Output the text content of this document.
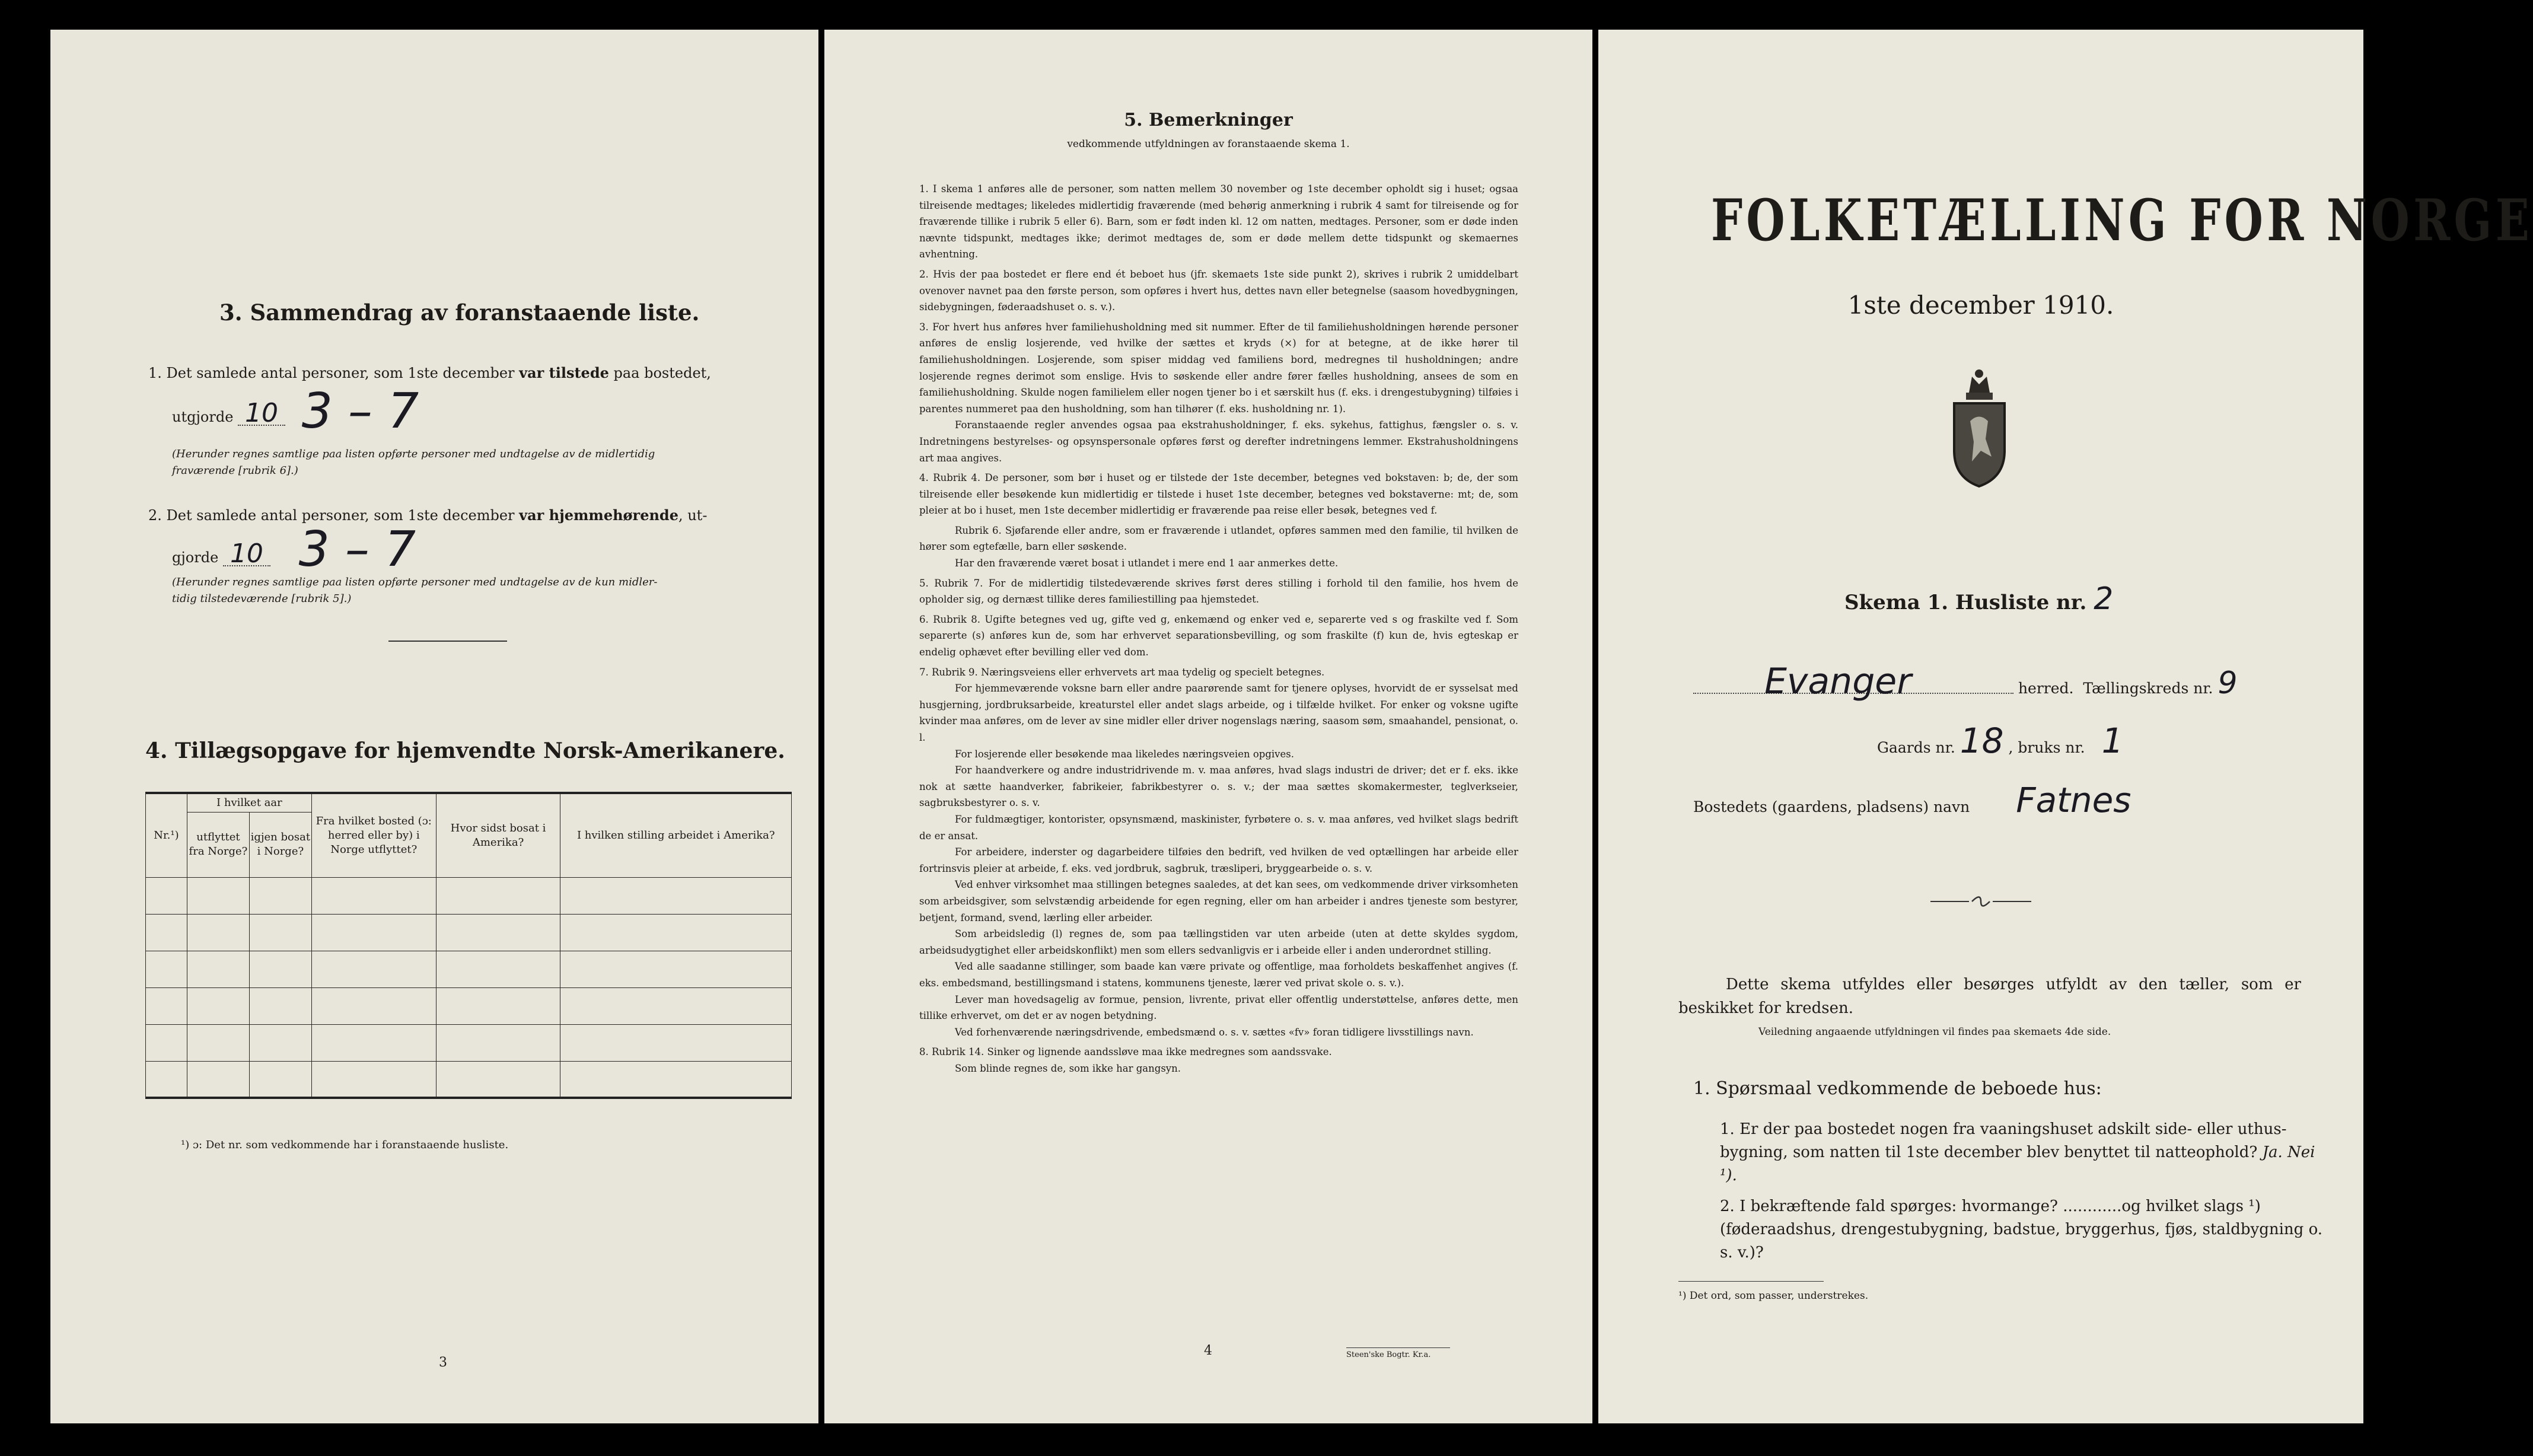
3. Sammendrag av foranstaaende liste.
1. Det samlede antal personer, som 1ste december var tilstede paa bostedet,
utgjorde 10 3 – 7
(Herunder regnes samtlige paa listen opførte personer med undtagelse av de midlertidig
fraværende [rubrik 6].)
2. Det samlede antal personer, som 1ste december var hjemmehørende, ut-
gjorde 10 3 – 7
(Herunder regnes samtlige paa listen opførte personer med undtagelse av de kun midler-
tidig tilstedeværende [rubrik 5].)
4. Tillægsopgave for hjemvendte Norsk-Amerikanere.
Nr.¹)	I hvilket aar		Fra hvilket bosted (ɔ: herred eller by) i Norge utflyttet?	Hvor sidst bosat i Amerika?	I hvilken stilling arbeidet i Amerika?
	utflyttet fra Norge?	igjen bosat i Norge?			

¹) ɔ: Det nr. som vedkommende har i foranstaaende husliste.
3
5. Bemerkninger
vedkommende utfyldningen av foranstaaende skema 1.

1. I skema 1 anføres alle de personer, som natten mellem 30 november og 1ste december opholdt sig i huset; ogsaa tilreisende medtages; likeledes midlertidig fraværende (med behørig anmerkning i rubrik 4 samt for tilreisende og for fraværende tillike i rubrik 5 eller 6). Barn, som er født inden kl. 12 om natten, medtages. Personer, som er døde inden nævnte tidspunkt, medtages ikke; derimot medtages de, som er døde mellem dette tidspunkt og skemaernes avhentning.

2. Hvis der paa bostedet er flere end ét beboet hus (jfr. skemaets 1ste side punkt 2), skrives i rubrik 2 umiddelbart ovenover navnet paa den første person, som opføres i hvert hus, dettes navn eller betegnelse (saasom hovedbygningen, sidebygningen, føderaadshuset o. s. v.).

3. For hvert hus anføres hver familiehusholdning med sit nummer. Efter de til familiehusholdningen hørende personer anføres de enslig losjerende, ved hvilke der sættes et kryds (×) for at betegne, at de ikke hører til familiehusholdningen. Losjerende, som spiser middag ved familiens bord, medregnes til husholdningen; andre losjerende regnes derimot som enslige. Hvis to søskende eller andre fører fælles husholdning, ansees de som en familiehusholdning. Skulde nogen familielem eller nogen tjener bo i et særskilt hus (f. eks. i drengestubygning) tilføies i parentes nummeret paa den husholdning, som han tilhører (f. eks. husholdning nr. 1).

Foranstaaende regler anvendes ogsaa paa ekstrahusholdninger, f. eks. sykehus, fattighus, fængsler o. s. v. Indretningens bestyrelses- og opsynspersonale opføres først og derefter indretningens lemmer. Ekstrahusholdningens art maa angives.

4. Rubrik 4. De personer, som bør i huset og er tilstede der 1ste december, betegnes ved bokstaven: b; de, der som tilreisende eller besøkende kun midlertidig er tilstede i huset 1ste december, betegnes ved bokstaverne: mt; de, som pleier at bo i huset, men 1ste december midlertidig er fraværende paa reise eller besøk, betegnes ved f.

Rubrik 6. Sjøfarende eller andre, som er fraværende i utlandet, opføres sammen med den familie, til hvilken de hører som egtefælle, barn eller søskende.

Har den fraværende været bosat i utlandet i mere end 1 aar anmerkes dette.

5. Rubrik 7. For de midlertidig tilstedeværende skrives først deres stilling i forhold til den familie, hos hvem de opholder sig, og dernæst tillike deres familiestilling paa hjemstedet.

6. Rubrik 8. Ugifte betegnes ved ug, gifte ved g, enkemænd og enker ved e, separerte ved s og fraskilte ved f. Som separerte (s) anføres kun de, som har erhvervet separationsbevilling, og som fraskilte (f) kun de, hvis egteskap er endelig ophævet efter bevilling eller ved dom.

7. Rubrik 9. Næringsveiens eller erhvervets art maa tydelig og specielt betegnes.

For hjemmeværende voksne barn eller andre paarørende samt for tjenere oplyses, hvorvidt de er sysselsat med husgjerning, jordbruksarbeide, kreaturstel eller andet slags arbeide, og i tilfælde hvilket. For enker og voksne ugifte kvinder maa anføres, om de lever av sine midler eller driver nogenslags næring, saasom søm, smaahandel, pensionat, o. l.

For losjerende eller besøkende maa likeledes næringsveien opgives.

For haandverkere og andre industridrivende m. v. maa anføres, hvad slags industri de driver; det er f. eks. ikke nok at sætte haandverker, fabrikeier, fabrikbestyrer o. s. v.; der maa sættes skomakermester, teglverkseier, sagbruksbestyrer o. s. v.

For fuldmægtiger, kontorister, opsynsmænd, maskinister, fyrbøtere o. s. v. maa anføres, ved hvilket slags bedrift de er ansat.

For arbeidere, inderster og dagarbeidere tilføies den bedrift, ved hvilken de ved optællingen har arbeide eller fortrinsvis pleier at arbeide, f. eks. ved jordbruk, sagbruk, træsliperi, bryggearbeide o. s. v.

Ved enhver virksomhet maa stillingen betegnes saaledes, at det kan sees, om vedkommende driver virksomheten som arbeidsgiver, som selvstændig arbeidende for egen regning, eller om han arbeider i andres tjeneste som bestyrer, betjent, formand, svend, lærling eller arbeider.

Som arbeidsledig (l) regnes de, som paa tællingstiden var uten arbeide (uten at dette skyldes sygdom, arbeidsudygtighet eller arbeidskonflikt) men som ellers sedvanligvis er i arbeide eller i anden underordnet stilling.

Ved alle saadanne stillinger, som baade kan være private og offentlige, maa forholdets beskaffenhet angives (f. eks. embedsmand, bestillingsmand i statens, kommunens tjeneste, lærer ved privat skole o. s. v.).

Lever man hovedsagelig av formue, pension, livrente, privat eller offentlig understøttelse, anføres dette, men tillike erhvervet, om det er av nogen betydning.

Ved forhenværende næringsdrivende, embedsmænd o. s. v. sættes «fv» foran tidligere livsstillings navn.

8. Rubrik 14. Sinker og lignende aandssløve maa ikke medregnes som aandssvake.

Som blinde regnes de, som ikke har gangsyn.

4	Steen'ske Bogtr. Kr.a.
FOLKETÆLLING FOR NORGE
1ste december 1910.
Skema 1. Husliste nr. 2
Evanger	herred. Tællingskreds nr. 9
Gaards nr. 18 , bruks nr. 1
Bostedets (gaardens, pladsens) navn Fatnes
Dette skema utfyldes eller besørges utfyldt av den tæller, som er beskikket for kredsen.
Veiledning angaaende utfyldningen vil findes paa skemaets 4de side.
1. Spørsmaal vedkommende de beboede hus:
1. Er der paa bostedet nogen fra vaaningshuset adskilt side- eller uthus-bygning, som natten til 1ste december blev benyttet til natteophold? Ja. Nei ¹).
2. I bekræftende fald spørges: hvormange? ............og hvilket slags ¹) (føderaadshus, drengestubygning, badstue, bryggerhus, fjøs, staldbygning o. s. v.)?
¹) Det ord, som passer, understrekes.
